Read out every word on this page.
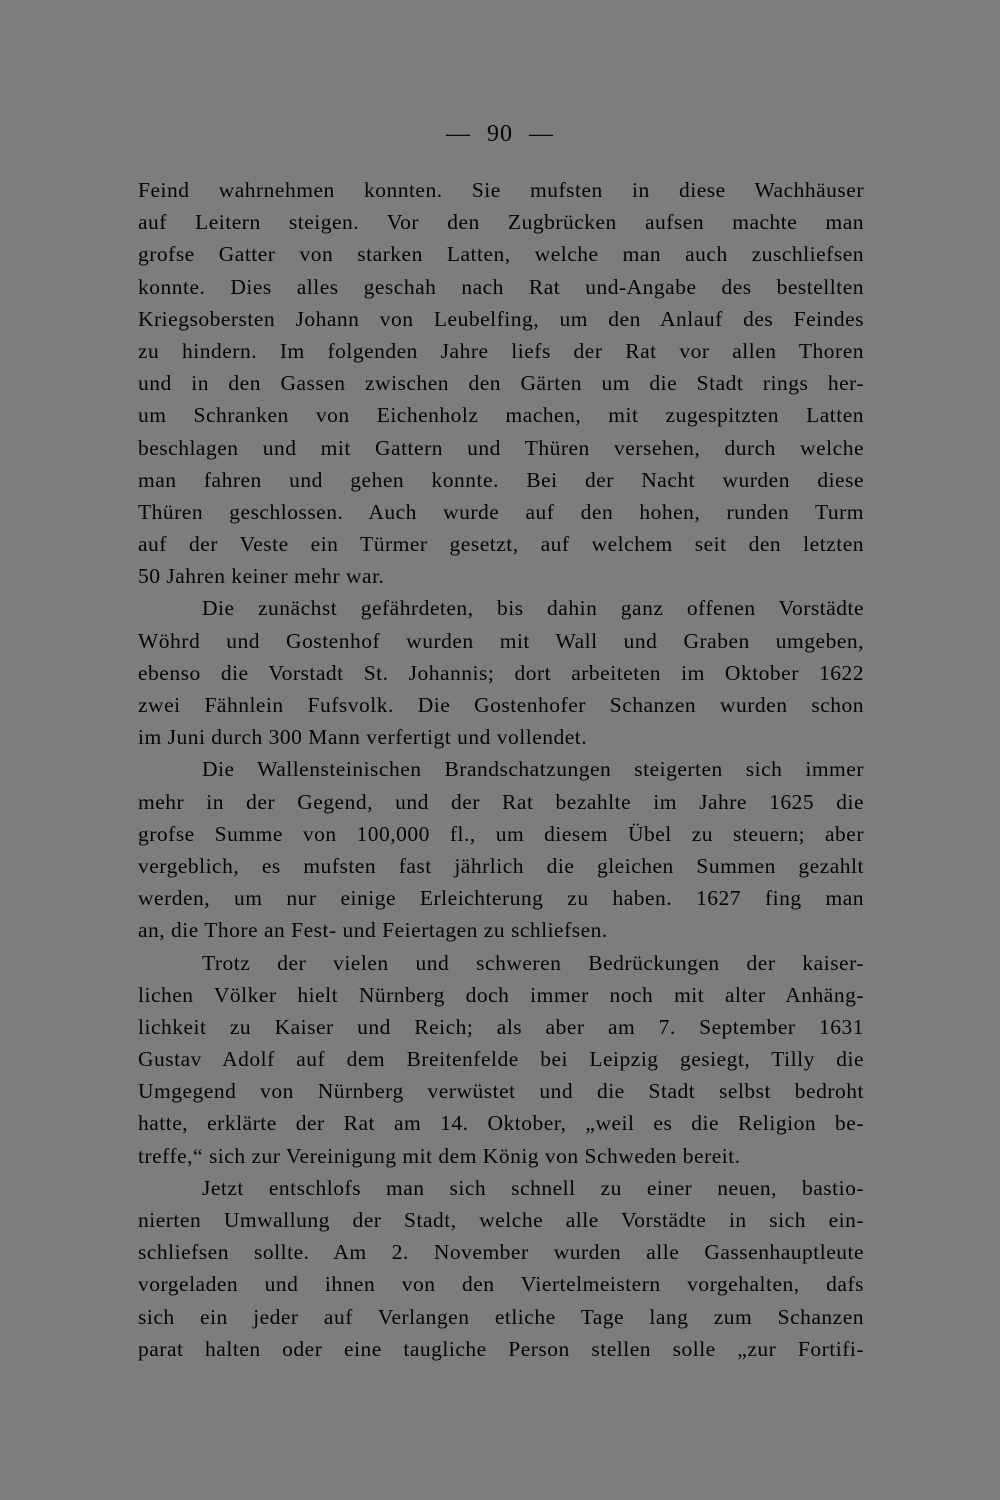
— 90 —
Feind wahrnehmen konnten. Sie mufsten in diese Wachhäuser
auf Leitern steigen. Vor den Zugbrücken aufsen machte man
grofse Gatter von starken Latten, welche man auch zuschliefsen
konnte. Dies alles geschah nach Rat und-Angabe des bestellten
Kriegsobersten Johann von Leubelfing, um den Anlauf des Feindes
zu hindern. Im folgenden Jahre liefs der Rat vor allen Thoren
und in den Gassen zwischen den Gärten um die Stadt rings her-
um Schranken von Eichenholz machen, mit zugespitzten Latten
beschlagen und mit Gattern und Thüren versehen, durch welche
man fahren und gehen konnte. Bei der Nacht wurden diese
Thüren geschlossen. Auch wurde auf den hohen, runden Turm
auf der Veste ein Türmer gesetzt, auf welchem seit den letzten
50 Jahren keiner mehr war.
Die zunächst gefährdeten, bis dahin ganz offenen Vorstädte
Wöhrd und Gostenhof wurden mit Wall und Graben umgeben,
ebenso die Vorstadt St. Johannis; dort arbeiteten im Oktober 1622
zwei Fähnlein Fufsvolk. Die Gostenhofer Schanzen wurden schon
im Juni durch 300 Mann verfertigt und vollendet.
Die Wallensteinischen Brandschatzungen steigerten sich immer
mehr in der Gegend, und der Rat bezahlte im Jahre 1625 die
grofse Summe von 100,000 fl., um diesem Übel zu steuern; aber
vergeblich, es mufsten fast jährlich die gleichen Summen gezahlt
werden, um nur einige Erleichterung zu haben. 1627 fing man
an, die Thore an Fest- und Feiertagen zu schliefsen.
Trotz der vielen und schweren Bedrückungen der kaiser-
lichen Völker hielt Nürnberg doch immer noch mit alter Anhäng-
lichkeit zu Kaiser und Reich; als aber am 7. September 1631
Gustav Adolf auf dem Breitenfelde bei Leipzig gesiegt, Tilly die
Umgegend von Nürnberg verwüstet und die Stadt selbst bedroht
hatte, erklärte der Rat am 14. Oktober, „weil es die Religion be-
treffe,“ sich zur Vereinigung mit dem König von Schweden bereit.
Jetzt entschlofs man sich schnell zu einer neuen, bastio-
nierten Umwallung der Stadt, welche alle Vorstädte in sich ein-
schliefsen sollte. Am 2. November wurden alle Gassenhauptleute
vorgeladen und ihnen von den Viertelmeistern vorgehalten, dafs
sich ein jeder auf Verlangen etliche Tage lang zum Schanzen
parat halten oder eine taugliche Person stellen solle „zur Fortifi-
